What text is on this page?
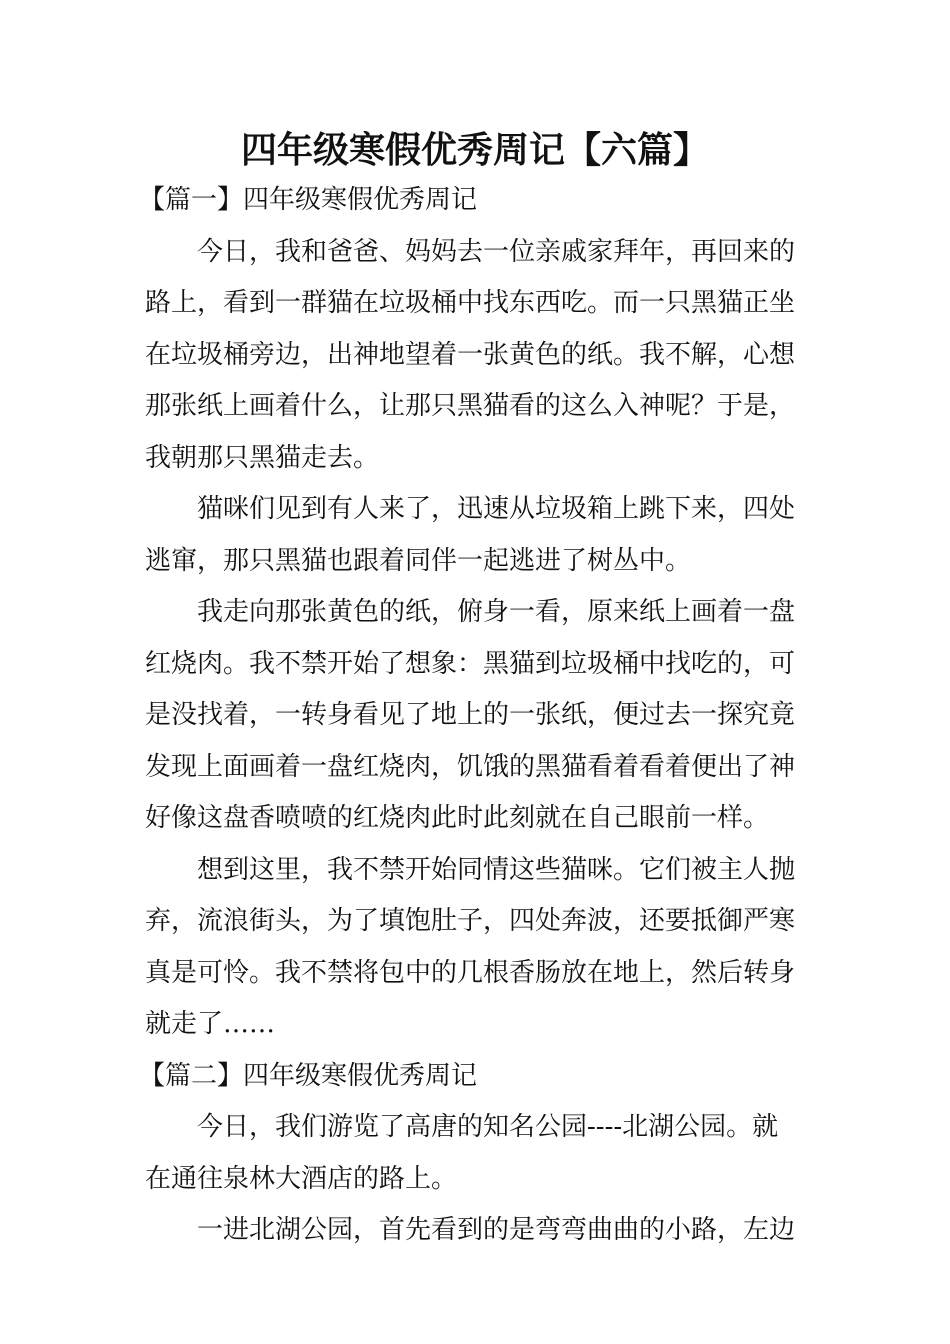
四年级寒假优秀周记【六篇】
【篇一】四年级寒假优秀周记
今日，我和爸爸、妈妈去一位亲戚家拜年，再回来的
路上，看到一群猫在垃圾桶中找东西吃。而一只黑猫正坐
在垃圾桶旁边，出神地望着一张黄色的纸。我不解，心想
那张纸上画着什么，让那只黑猫看的这么入神呢？于是，
我朝那只黑猫走去。
猫咪们见到有人来了，迅速从垃圾箱上跳下来，四处
逃窜，那只黑猫也跟着同伴一起逃进了树丛中。
我走向那张黄色的纸，俯身一看，原来纸上画着一盘
红烧肉。我不禁开始了想象：黑猫到垃圾桶中找吃的，可
是没找着，一转身看见了地上的一张纸，便过去一探究竟
发现上面画着一盘红烧肉，饥饿的黑猫看着看着便出了神
好像这盘香喷喷的红烧肉此时此刻就在自己眼前一样。
想到这里，我不禁开始同情这些猫咪。它们被主人抛
弃，流浪街头，为了填饱肚子，四处奔波，还要抵御严寒
真是可怜。我不禁将包中的几根香肠放在地上，然后转身
就走了……
【篇二】四年级寒假优秀周记
今日，我们游览了高唐的知名公园----北湖公园。就
在通往泉林大酒店的路上。
一进北湖公园，首先看到的是弯弯曲曲的小路，左边
